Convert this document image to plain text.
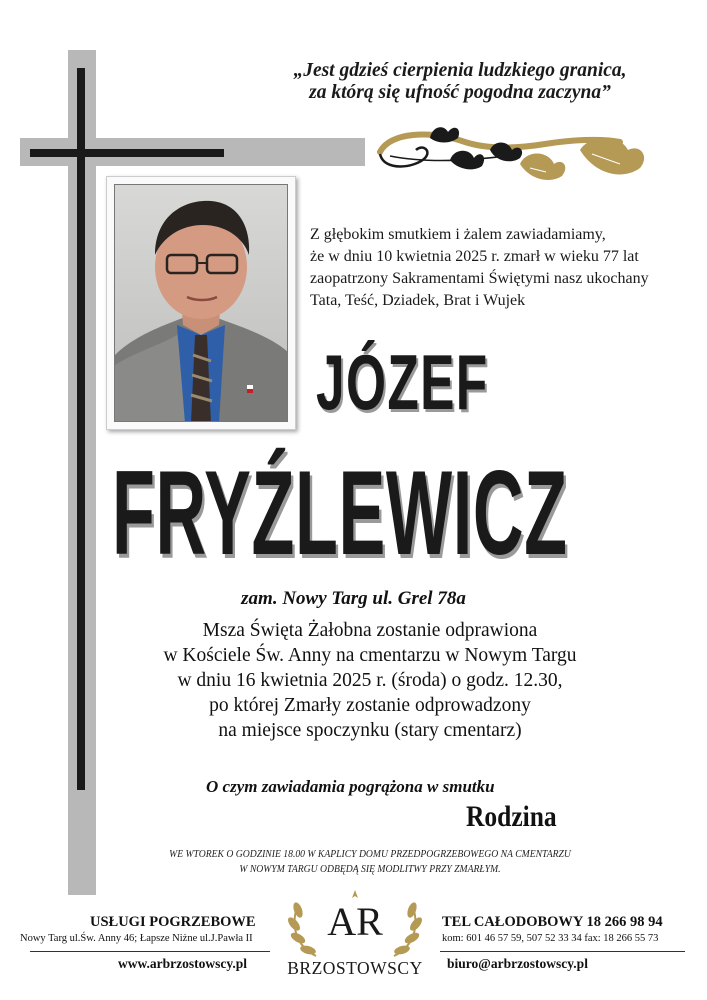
„Jest gdzieś cierpienia ludzkiego granica,
za którą się ufność pogodna zaczyna”
Z głębokim smutkiem i żalem zawiadamiamy,
że w dniu 10 kwietnia 2025 r. zmarł w wieku 77 lat
zaopatrzony Sakramentami Świętymi nasz ukochany
Tata, Teść, Dziadek, Brat i Wujek
JÓZEF
FRYŹLEWICZ
zam. Nowy Targ ul. Grel 78a
Msza Święta Żałobna zostanie odprawiona
w Kościele Św. Anny na cmentarzu w Nowym Targu
w dniu 16 kwietnia 2025 r. (środa) o godz. 12.30,
po której Zmarły zostanie odprowadzony
na miejsce spoczynku (stary cmentarz)
O czym zawiadamia pogrążona w smutku
Rodzina
WE WTOREK O GODZINIE 18.00 W KAPLICY DOMU PRZEDPOGRZEBOWEGO NA CMENTARZU
W NOWYM TARGU ODBĘDĄ SIĘ MODLITWY PRZY ZMARŁYM.
USŁUGI POGRZEBOWE
Nowy Targ ul.Św. Anny 46; Łapsze Niżne ul.J.Pawła II
www.arbrzostowscy.pl
AR
BRZOSTOWSCY
TEL CAŁODOBOWY 18 266 98 94
kom: 601 46 57 59, 507 52 33 34 fax: 18 266 55 73
biuro@arbrzostowscy.pl
